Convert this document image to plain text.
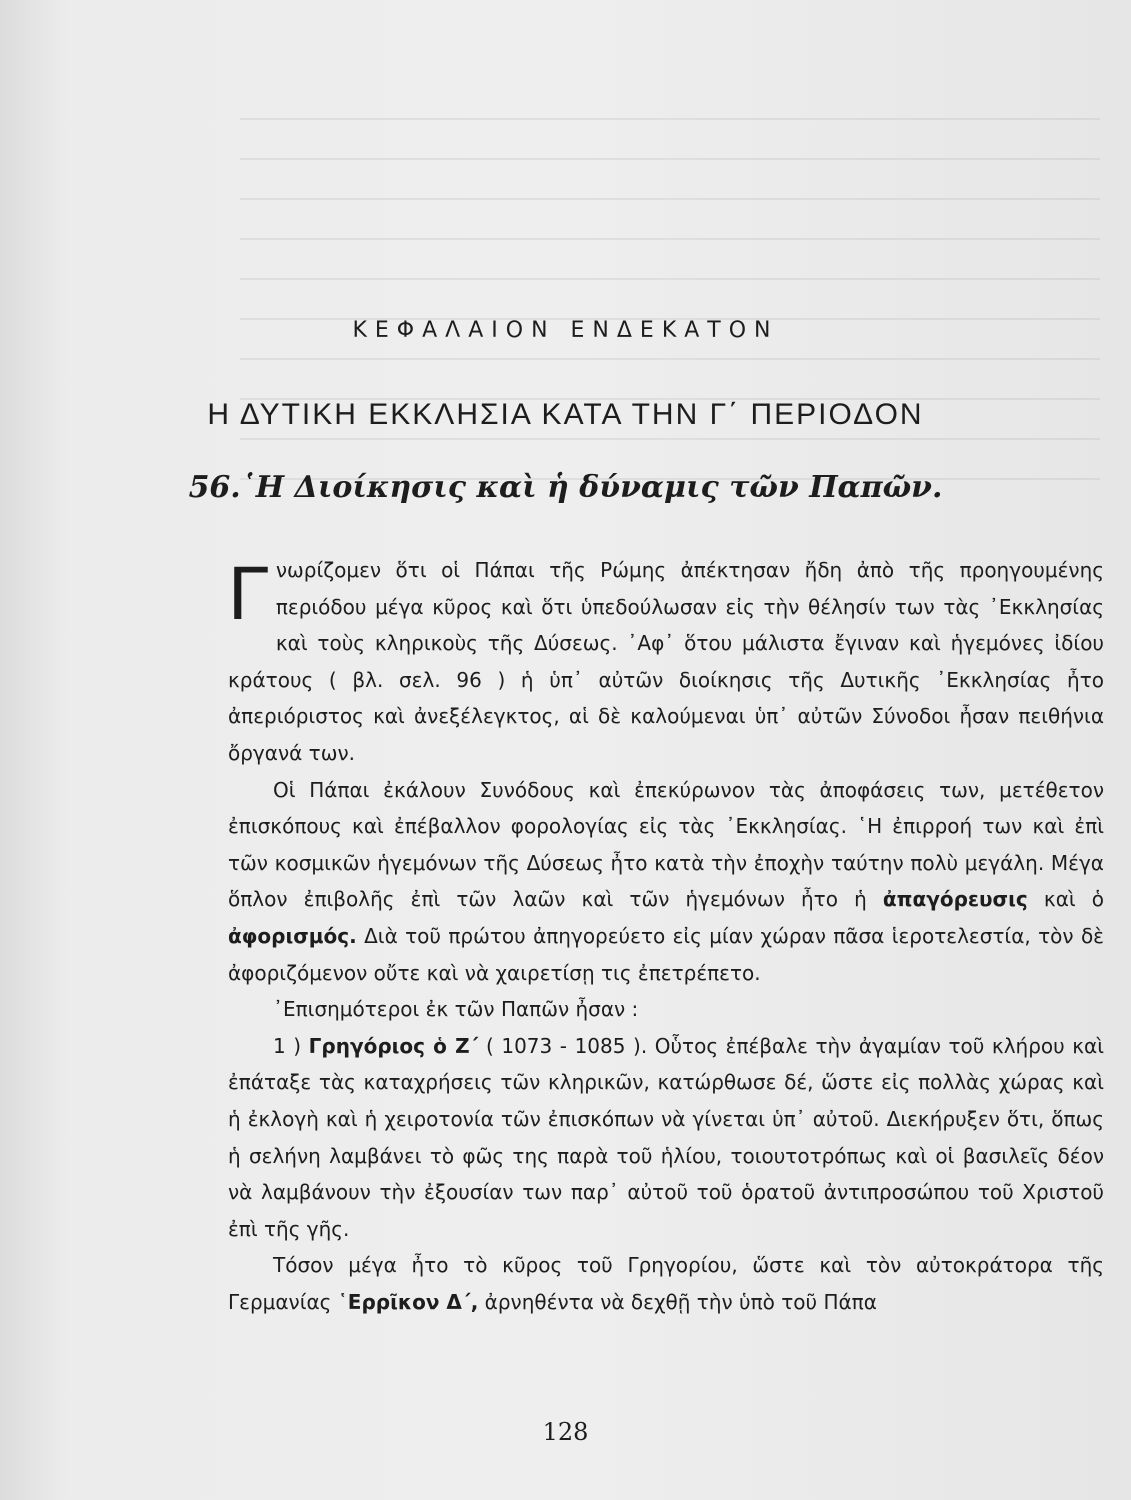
ΚΕΦΑΛΑΙΟΝ ΕΝΔΕΚΑΤΟΝ
Η ΔΥΤΙΚΗ ΕΚΚΛΗΣΙΑ ΚΑΤΑ ΤΗΝ Γ΄ ΠΕΡΙΟΔΟΝ
56.῾Η Διοίκησις καὶ ἡ δύναμις τῶν Παπῶν.

Γνωρίζομεν ὅτι οἱ Πάπαι τῆς Ρώμης ἀπέκτησαν ἤδη ἀπὸ τῆς προηγουμένης περιόδου μέγα κῦρος καὶ ὅτι ὑπεδούλωσαν εἰς τὴν θέλησίν των τὰς ᾿Εκκλησίας καὶ τοὺς κληρικοὺς τῆς Δύσεως. ᾿Αφ᾿ ὅτου μάλιστα ἔγιναν καὶ ἡγεμόνες ἰδίου κράτους ( βλ. σελ. 96 ) ἡ ὑπ᾿ αὐτῶν διοίκησις τῆς Δυτικῆς ᾿Εκκλησίας ἦτο ἀπεριόριστος καὶ ἀνεξέλεγκτος, αἱ δὲ καλούμεναι ὑπ᾿ αὐτῶν Σύνοδοι ἦσαν πειθήνια ὄργανά των.

Οἱ Πάπαι ἐκάλουν Συνόδους καὶ ἐπεκύρωνον τὰς ἀποφάσεις των, μετέθετον ἐπισκόπους καὶ ἐπέβαλλον φορολογίας εἰς τὰς ᾿Εκκλησίας. ῾Η ἐπιρροή των καὶ ἐπὶ τῶν κοσμικῶν ἡγεμόνων τῆς Δύσεως ἦτο κατὰ τὴν ἐποχὴν ταύτην πολὺ μεγάλη. Μέγα ὅπλον ἐπιβολῆς ἐπὶ τῶν λαῶν καὶ τῶν ἡγεμόνων ἦτο ἡ ἀπαγόρευσις καὶ ὁ ἀφορισμός. Διὰ τοῦ πρώτου ἀπηγορεύετο εἰς μίαν χώραν πᾶσα ἱεροτελεστία, τὸν δὲ ἀφοριζόμενον οὔτε καὶ νὰ χαιρετίσῃ τις ἐπετρέπετο.

᾿Επισημότεροι ἐκ τῶν Παπῶν ἦσαν :

1 ) Γρηγόριος ὁ Ζ΄ ( 1073 - 1085 ). Οὗτος ἐπέβαλε τὴν ἀγαμίαν τοῦ κλήρου καὶ ἐπάταξε τὰς καταχρήσεις τῶν κληρικῶν, κατώρθωσε δέ, ὥστε εἰς πολλὰς χώρας καὶ ἡ ἐκλογὴ καὶ ἡ χειροτονία τῶν ἐπισκόπων νὰ γίνεται ὑπ᾿ αὐτοῦ. Διεκήρυξεν ὅτι, ὅπως ἡ σελήνη λαμβάνει τὸ φῶς της παρὰ τοῦ ἡλίου, τοιουτοτρόπως καὶ οἱ βασιλεῖς δέον νὰ λαμβάνουν τὴν ἐξουσίαν των παρ᾿ αὐτοῦ τοῦ ὁρατοῦ ἀντιπροσώπου τοῦ Χριστοῦ ἐπὶ τῆς γῆς.

Τόσον μέγα ἦτο τὸ κῦρος τοῦ Γρηγορίου, ὥστε καὶ τὸν αὐτοκράτορα τῆς Γερμανίας ῾Ερρῖκον Δ΄, ἀρνηθέντα νὰ δεχθῇ τὴν ὑπὸ τοῦ Πάπα

128
